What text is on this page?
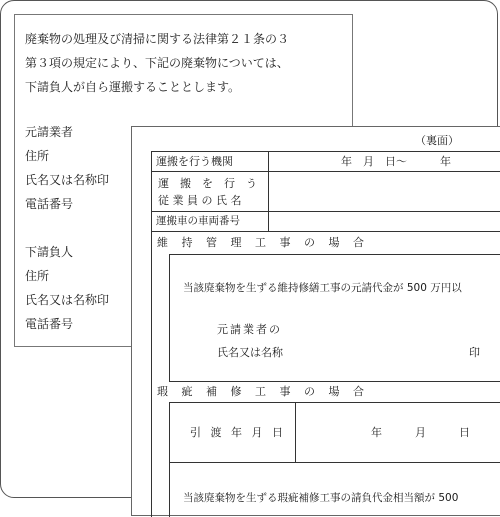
廃棄物の処理及び清掃に関する法律第２１条の３
第３項の規定により、下記の廃棄物については、
下請負人が自ら運搬することとします。
元請業者
住所
氏名又は名称印
電話番号
下請負人
住所
氏名又は名称印
電話番号
（裏面）
運搬を行う機関	年　月　日～　　　年
運　搬　を　行　う
従 業 員 の 氏 名
運搬車の車両番号
維 持 管 理 工 事 の 場 合
当該廃棄物を生ずる維持修繕工事の元請代金が 500 万円以
元請業者の
氏名又は名称	印
瑕 疵 補 修 工 事 の 場 合
引 渡 年 月 日	年　　　月　　　日
当該廃棄物を生ずる瑕疵補修工事の請負代金相当額が 500
